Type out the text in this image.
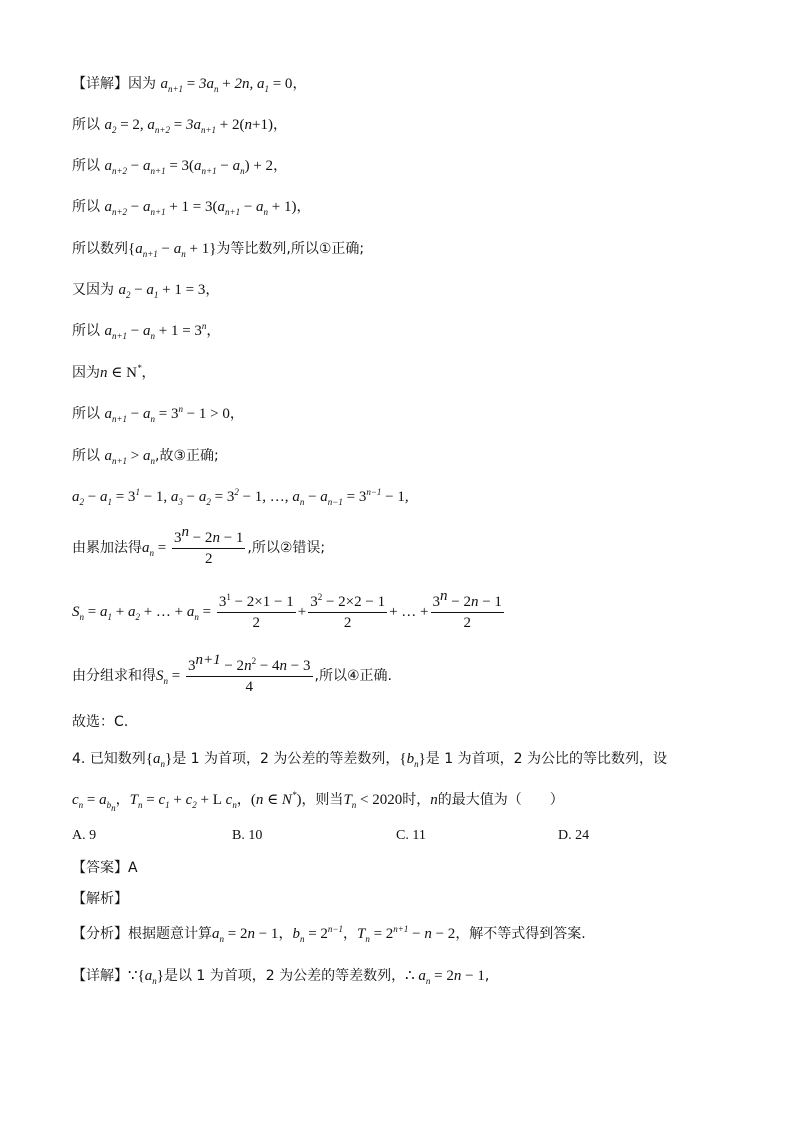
【详解】因为 $a_{n+1} = 3a_n + 2n$, $a_1 = 0$，
所以 $a_2 = 2$, $a_{n+2} = 3a_{n+1} + 2(n+1)$，
所以 $a_{n+2} - a_{n+1} = 3(a_{n+1} - a_n) + 2$，
所以 $a_{n+2} - a_{n+1} + 1 = 3(a_{n+1} - a_n + 1)$，
所以数列$\{a_{n+1} - a_n + 1\}$为等比数列,所以①正确;
又因为 $a_2 - a_1 + 1 = 3$，
所以 $a_{n+1} - a_n + 1 = 3^n$，
因为n ∈ N*，
所以 $a_{n+1} - a_n = 3^n - 1 > 0$，
所以 $a_{n+1} > a_n$,故③正确;
$a_2 - a_1 = 3^1 - 1$, $a_3 - a_2 = 3^2 - 1$, …, $a_n - a_{n-1} = 3^{n-1} - 1$,
由累加法得$a_n = \frac{3^n - 2n - 1}{2}$ ,所以②错误;
$S_n = a_1 + a_2$ + … + $a_n = \frac{3^1 - 2\times 1 - 1}{2} + \frac{3^2 - 2\times 2 - 1}{2}$ + … + $\frac{3^n - 2n - 1}{2}$
由分组求和得$S_n = \frac{3^{n+1} - 2n^2 - 4n - 3}{4}$ ,所以④正确.
故选：C.
4. 已知数列$\{a_n\}$是 1 为首项，2 为公差的等差数列，$\{b_n\}$是 1 为首项，2 为公比的等比数列，设
$c_n = a_{b_n}$，$T_n = c_1 + c_2 + L$ $c_n$，(n ∈ N*)，则当$T_n < 2020$时，n的最大值为（　　）
A. 9	B. 10	C. 11	D. 24
【答案】A
【解析】
【分析】根据题意计算$a_n = 2n - 1$，$b_n = 2^{n-1}$，$T_n = 2^{n+1} - n - 2$，解不等式得到答案.
【详解】$\because\{a_n\}$是以 1 为首项，2 为公差的等差数列，∴ $a_n = 2n - 1$,
